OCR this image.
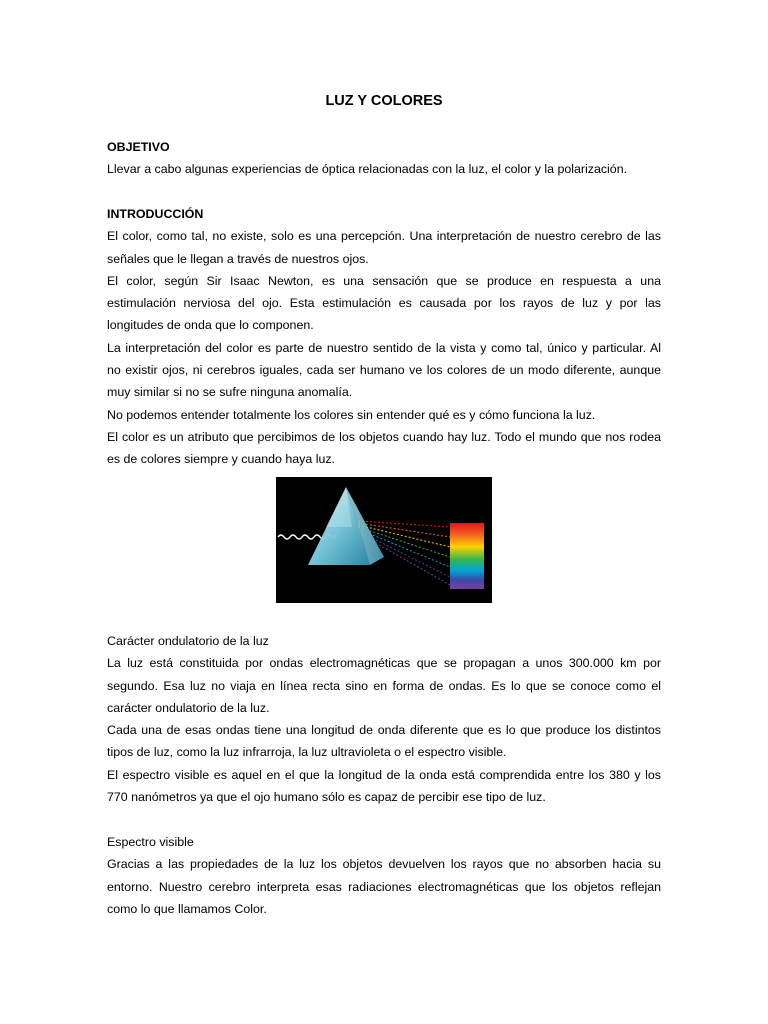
LUZ Y COLORES
OBJETIVO
Llevar a cabo algunas experiencias de óptica relacionadas con la luz, el color y la polarización.
INTRODUCCIÓN
El color, como tal, no existe, solo es una percepción. Una interpretación de nuestro cerebro de las
señales que le llegan a través de nuestros ojos.
El color, según Sir Isaac Newton, es una sensación que se produce en respuesta a una
estimulación nerviosa del ojo. Esta estimulación es causada por los rayos de luz y por las
longitudes de onda que lo componen.
La interpretación del color es parte de nuestro sentido de la vista y como tal, único y particular. Al
no existir ojos, ni cerebros iguales, cada ser humano ve los colores de un modo diferente, aunque
muy similar si no se sufre ninguna anomalía.
No podemos entender totalmente los colores sin entender qué es y cómo funciona la luz.
El color es un atributo que percibimos de los objetos cuando hay luz. Todo el mundo que nos rodea
es de colores siempre y cuando haya luz.
Carácter ondulatorio de la luz
La luz está constituida por ondas electromagnéticas que se propagan a unos 300.000 km por
segundo. Esa luz no viaja en línea recta sino en forma de ondas. Es lo que se conoce como el
carácter ondulatorio de la luz.
Cada una de esas ondas tiene una longitud de onda diferente que es lo que produce los distintos
tipos de luz, como la luz infrarroja, la luz ultravioleta o el espectro visible.
El espectro visible es aquel en el que la longitud de la onda está comprendida entre los 380 y los
770 nanómetros ya que el ojo humano sólo es capaz de percibir ese tipo de luz.
Espectro visible
Gracias a las propiedades de la luz los objetos devuelven los rayos que no absorben hacia su
entorno. Nuestro cerebro interpreta esas radiaciones electromagnéticas que los objetos reflejan
como lo que llamamos Color.
